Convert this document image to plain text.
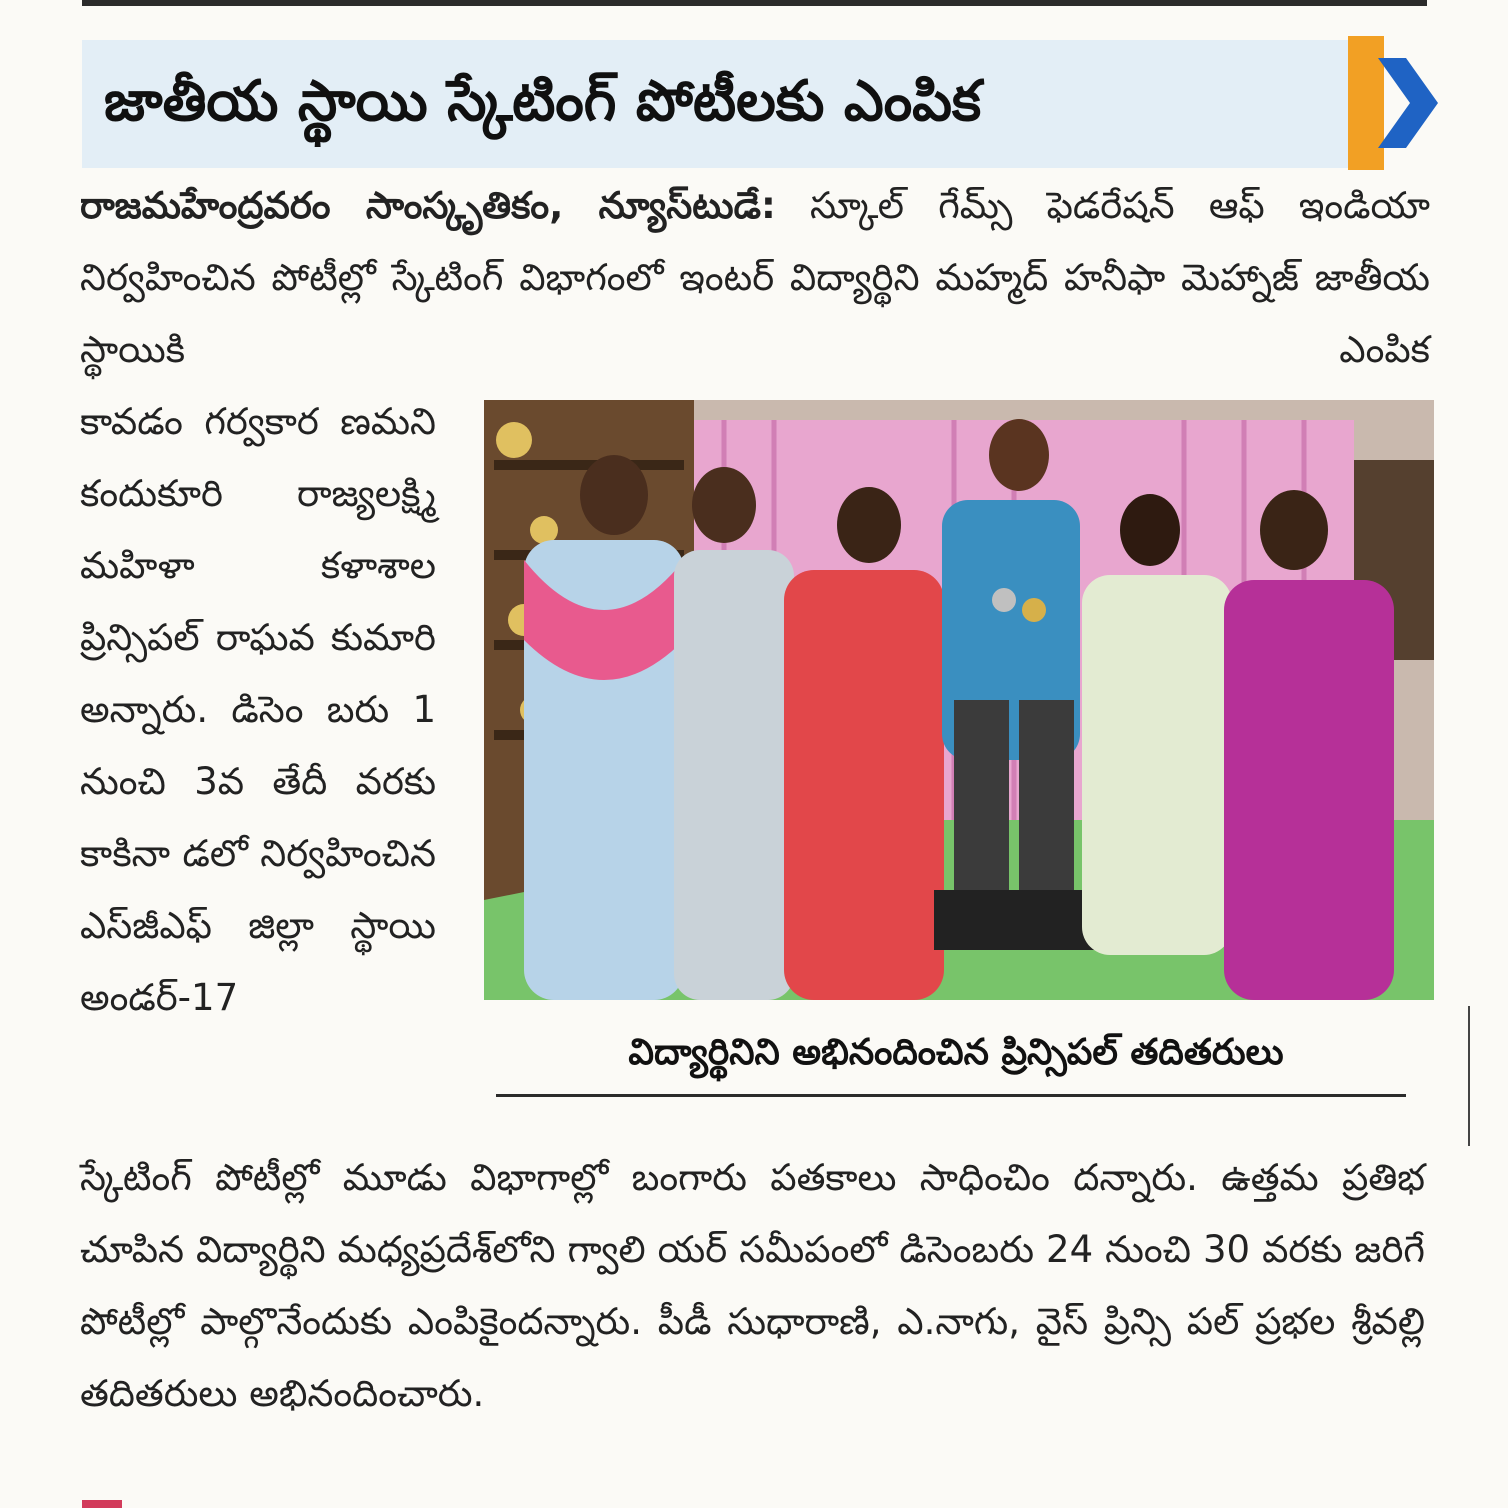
జాతీయ స్థాయి స్కేటింగ్ పోటీలకు ఎంపిక
రాజమహేంద్రవరం సాంస్కృతికం, న్యూస్‌టుడే: స్కూల్ గేమ్స్ ఫెడరేషన్ ఆఫ్ ఇండియా నిర్వహించిన పోటీల్లో స్కేటింగ్ విభాగంలో ఇంటర్ విద్యార్థిని మహ్మద్ హనీఫా మెహ్నాజ్ జాతీయ స్థాయికి ఎంపిక
కావడం గర్వకార ణమని కందుకూరి రాజ్యలక్ష్మి మహిళా కళాశాల ప్రిన్సిపల్ రాఘవ కుమారి అన్నారు. డిసెం బరు 1 నుంచి 3వ తేదీ వరకు కాకినా డలో నిర్వహించిన ఎస్‌జీఎఫ్ జిల్లా స్థాయి అండర్-17
విద్యార్థినిని అభినందించిన ప్రిన్సిపల్ తదితరులు
స్కేటింగ్ పోటీల్లో మూడు విభాగాల్లో బంగారు పతకాలు సాధించిం దన్నారు. ఉత్తమ ప్రతిభ చూపిన విద్యార్థిని మధ్యప్రదేశ్‌లోని గ్వాలి యర్ సమీపంలో డిసెంబరు 24 నుంచి 30 వరకు జరిగే పోటీల్లో పాల్గొనేందుకు ఎంపికైందన్నారు. పీడీ సుధారాణి, ఎ.నాగు, వైస్ ప్రిన్సి పల్ ప్రభల శ్రీవల్లి తదితరులు అభినందించారు.
